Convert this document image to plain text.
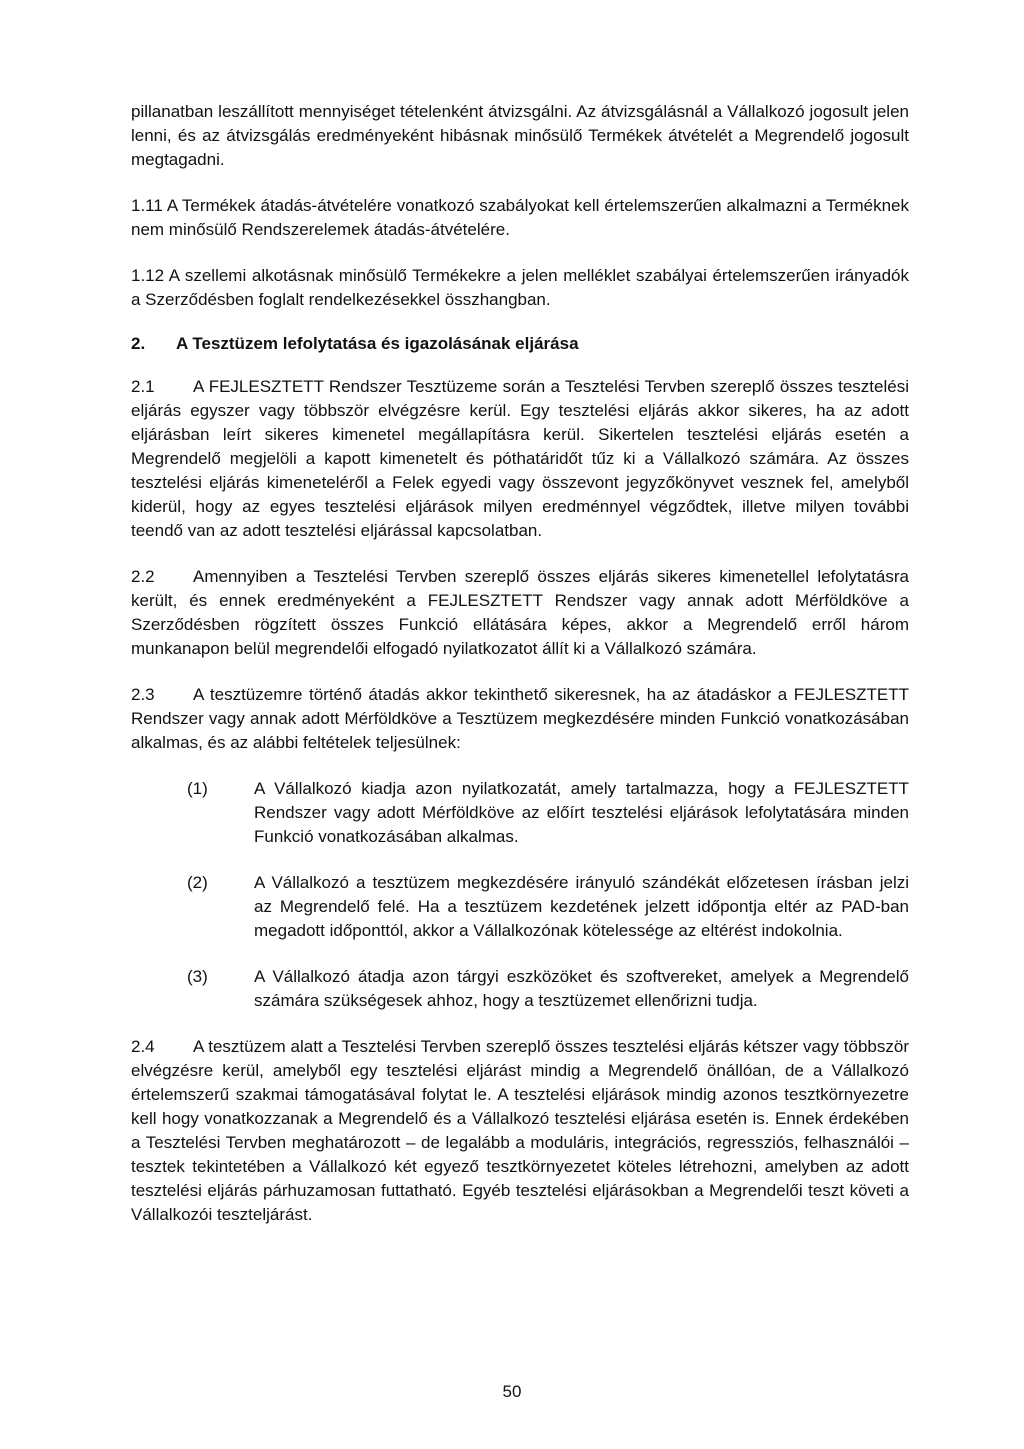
pillanatban leszállított mennyiséget tételenként átvizsgálni. Az átvizsgálásnál a Vállalkozó jogosult jelen lenni, és az átvizsgálás eredményeként hibásnak minősülő Termékek átvételét a Megrendelő jogosult megtagadni.

1.11 A Termékek átadás-átvételére vonatkozó szabályokat kell értelemszerűen alkalmazni a Terméknek nem minősülő Rendszerelemek átadás-átvételére.

1.12 A szellemi alkotásnak minősülő Termékekre a jelen melléklet szabályai értelemszerűen irányadók a Szerződésben foglalt rendelkezésekkel összhangban.

2.	A Tesztüzem lefolytatása és igazolásának eljárása

2.1 A FEJLESZTETT Rendszer Tesztüzeme során a Tesztelési Tervben szereplő összes tesztelési eljárás egyszer vagy többször elvégzésre kerül. Egy tesztelési eljárás akkor sikeres, ha az adott eljárásban leírt sikeres kimenetel megállapításra kerül. Sikertelen tesztelési eljárás esetén a Megrendelő megjelöli a kapott kimenetelt és póthatáridőt tűz ki a Vállalkozó számára. Az összes tesztelési eljárás kimeneteléről a Felek egyedi vagy összevont jegyzőkönyvet vesznek fel, amelyből kiderül, hogy az egyes tesztelési eljárások milyen eredménnyel végződtek, illetve milyen további teendő van az adott tesztelési eljárással kapcsolatban.

2.2 Amennyiben a Tesztelési Tervben szereplő összes eljárás sikeres kimenetellel lefolytatásra került, és ennek eredményeként a FEJLESZTETT Rendszer vagy annak adott Mérföldköve a Szerződésben rögzített összes Funkció ellátására képes, akkor a Megrendelő erről három munkanapon belül megrendelői elfogadó nyilatkozatot állít ki a Vállalkozó számára.

2.3 A tesztüzemre történő átadás akkor tekinthető sikeresnek, ha az átadáskor a FEJLESZTETT Rendszer vagy annak adott Mérföldköve a Tesztüzem megkezdésére minden Funkció vonatkozásában alkalmas, és az alábbi feltételek teljesülnek:

(1)	A Vállalkozó kiadja azon nyilatkozatát, amely tartalmazza, hogy a FEJLESZTETT Rendszer vagy adott Mérföldköve az előírt tesztelési eljárások lefolytatására minden Funkció vonatkozásában alkalmas.

(2)	A Vállalkozó a tesztüzem megkezdésére irányuló szándékát előzetesen írásban jelzi az Megrendelő felé. Ha a tesztüzem kezdetének jelzett időpontja eltér az PAD-ban megadott időponttól, akkor a Vállalkozónak kötelessége az eltérést indokolnia.

(3)	A Vállalkozó átadja azon tárgyi eszközöket és szoftvereket, amelyek a Megrendelő számára szükségesek ahhoz, hogy a tesztüzemet ellenőrizni tudja.

2.4 A tesztüzem alatt a Tesztelési Tervben szereplő összes tesztelési eljárás kétszer vagy többször elvégzésre kerül, amelyből egy tesztelési eljárást mindig a Megrendelő önállóan, de a Vállalkozó értelemszerű szakmai támogatásával folytat le. A tesztelési eljárások mindig azonos tesztkörnyezetre kell hogy vonatkozzanak a Megrendelő és a Vállalkozó tesztelési eljárása esetén is. Ennek érdekében a Tesztelési Tervben meghatározott – de legalább a moduláris, integrációs, regressziós, felhasználói – tesztek tekintetében a Vállalkozó két egyező tesztkörnyezetet köteles létrehozni, amelyben az adott tesztelési eljárás párhuzamosan futtatható. Egyéb tesztelési eljárásokban a Megrendelői teszt követi a Vállalkozói teszteljárást.

50
